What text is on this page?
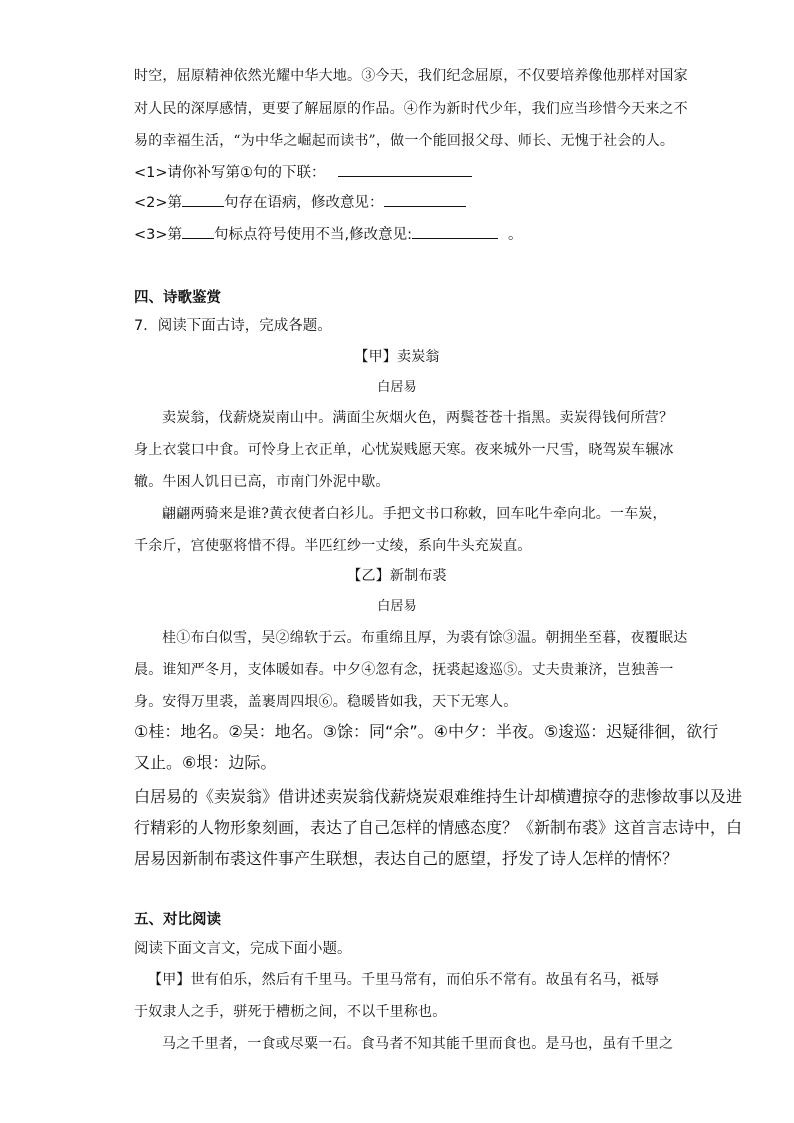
时空，屈原精神依然光耀中华大地。③今天，我们纪念屈原，不仅要培养像他那样对国家
对人民的深厚感情，更要了解屈原的作品。④作为新时代少年，我们应当珍惜今天来之不
易的幸福生活，“为中华之崛起而读书”，做一个能回报父母、师长、无愧于社会的人。
<1>请你补写第①句的下联：
<2>第	句存在语病，修改意见：
<3>第 句标点符号使用不当,修改意见:	。
四、诗歌鉴赏
7．阅读下面古诗，完成各题。
【甲】卖炭翁
白居易
卖炭翁，伐薪烧炭南山中。满面尘灰烟火色，两鬓苍苍十指黑。卖炭得钱何所营？
身上衣裳口中食。可怜身上衣正单，心忧炭贱愿天寒。夜来城外一尺雪，晓驾炭车辗冰
辙。牛困人饥日已高，市南门外泥中歇。
翩翩两骑来是谁?黄衣使者白衫儿。手把文书口称敕，回车叱牛牵向北。一车炭，
千余斤，宫使驱将惜不得。半匹红纱一丈绫，系向牛头充炭直。
【乙】新制布裘
白居易
桂①布白似雪，吴②绵软于云。布重绵且厚，为裘有馀③温。朝拥坐至暮，夜覆眠达
晨。谁知严冬月，支体暖如春。中夕④忽有念，抚裘起逡巡⑤。丈夫贵兼济，岂独善一
身。安得万里裘，盖裹周四垠⑥。稳暖皆如我，天下无寒人。
①桂：地名。②吴：地名。③馀：同“余”。④中夕：半夜。⑤逡巡：迟疑徘徊，欲行
又止。⑥垠：边际。
白居易的《卖炭翁》借讲述卖炭翁伐薪烧炭艰难维持生计却横遭掠夺的悲惨故事以及进
行精彩的人物形象刻画，表达了自己怎样的情感态度？《新制布裘》这首言志诗中，白
居易因新制布裘这件事产生联想，表达自己的愿望，抒发了诗人怎样的情怀？
五、对比阅读
阅读下面文言文，完成下面小题。
【甲】世有伯乐，然后有千里马。千里马常有，而伯乐不常有。故虽有名马，祗辱
于奴隶人之手，骈死于槽枥之间，不以千里称也。
马之千里者，一食或尽粟一石。食马者不知其能千里而食也。是马也，虽有千里之
